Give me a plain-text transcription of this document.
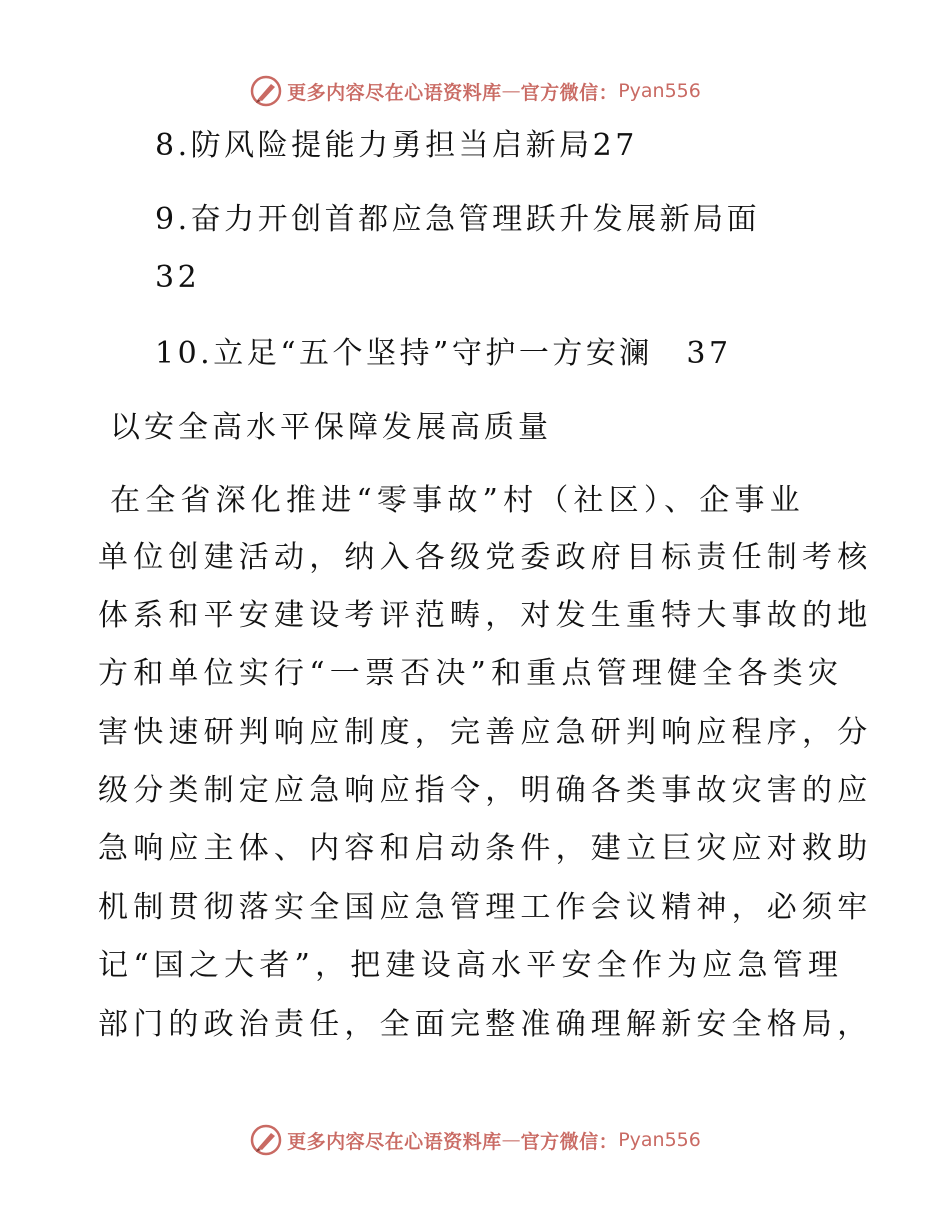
更多内容尽在心语资料库 — 官方微信： Pyan556
8.防风险提能力勇担当启新局27
9.奋力开创首都应急管理跃升发展新局面
32
10.立足“五个坚持”守护一方安澜　37
以安全高水平保障发展高质量
在全省深化推进“零事故”村（社区）、企事业
单位创建活动，纳入各级党委政府目标责任制考核
体系和平安建设考评范畴，对发生重特大事故的地
方和单位实行“一票否决”和重点管理健全各类灾
害快速研判响应制度，完善应急研判响应程序，分
级分类制定应急响应指令，明确各类事故灾害的应
急响应主体、内容和启动条件，建立巨灾应对救助
机制贯彻落实全国应急管理工作会议精神，必须牢
记“国之大者”，把建设高水平安全作为应急管理
部门的政治责任，全面完整准确理解新安全格局，
更多内容尽在心语资料库 — 官方微信： Pyan556
